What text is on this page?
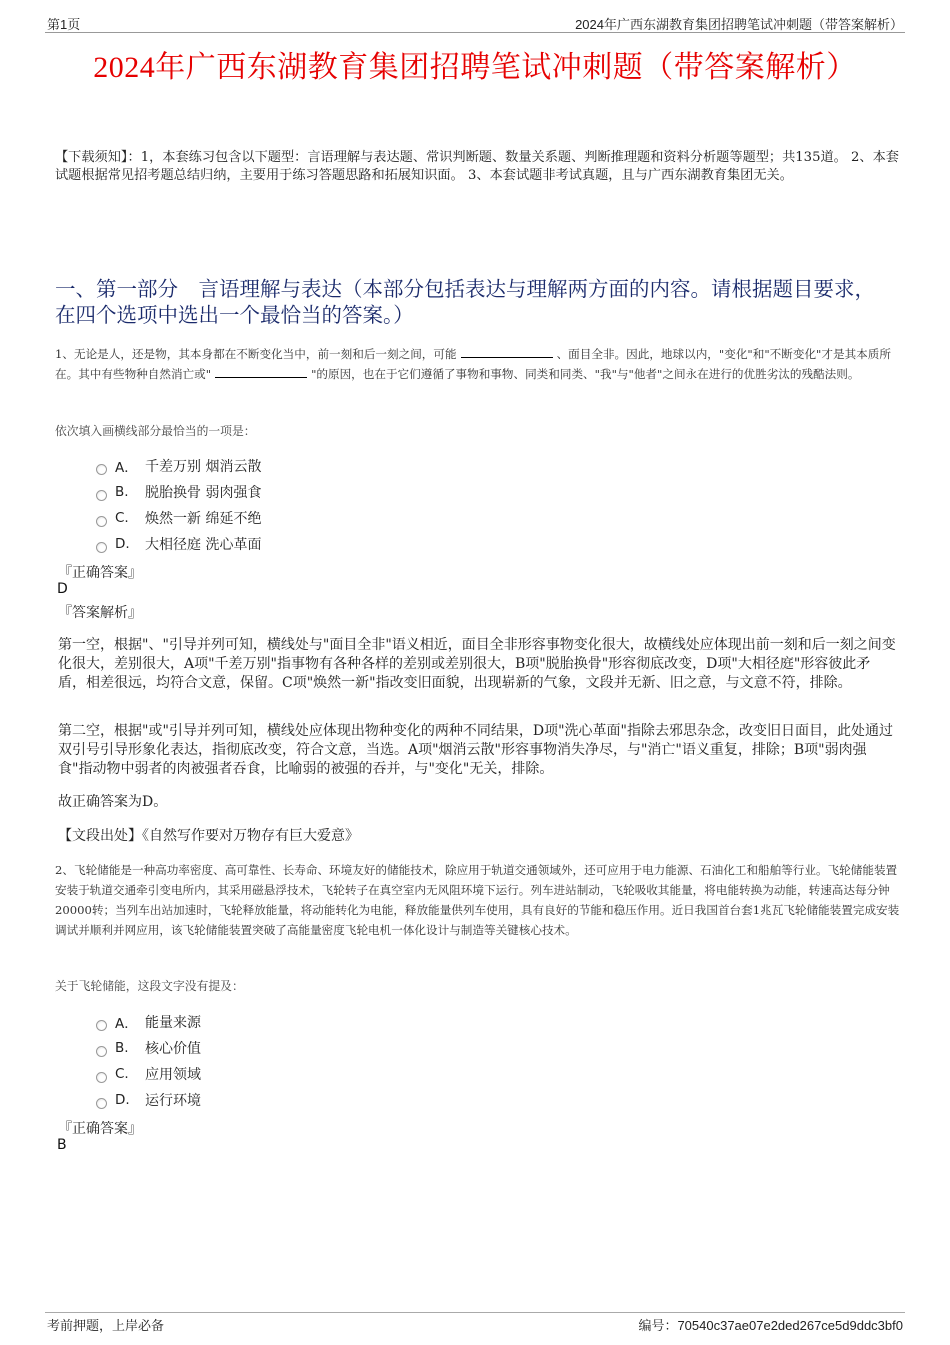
第1页	2024年广西东湖教育集团招聘笔试冲刺题（带答案解析）
2024年广西东湖教育集团招聘笔试冲刺题（带答案解析）
【下载须知】：1，本套练习包含以下题型：言语理解与表达题、常识判断题、数量关系题、判断推理题和资料分析题等题型；共135道。 2、本套试题根据常见招考题总结归纳，主要用于练习答题思路和拓展知识面。 3、本套试题非考试真题，且与广西东湖教育集团无关。
一、第一部分　言语理解与表达（本部分包括表达与理解两方面的内容。请根据题目要求，在四个选项中选出一个最恰当的答案。）
1、无论是人，还是物，其本身都在不断变化当中，前一刻和后一刻之间，可能	、面目全非。因此，地球以内，"变化"和"不断变化"才是其本质所在。其中有些物种自然消亡或"	"的原因，也在于它们遵循了事物和事物、同类和同类、"我"与"他者"之间永在进行的优胜劣汰的残酷法则。
依次填入画横线部分最恰当的一项是：
A． 千差万别 烟消云散
B.	脱胎换骨 弱肉强食
C.	焕然一新 绵延不绝
D.	大相径庭 洗心革面
『正确答案』
D
『答案解析』
第一空，根据"、"引导并列可知，横线处与"面目全非"语义相近，面目全非形容事物变化很大，故横线处应体现出前一刻和后一刻之间变化很大，差别很大，A项"千差万别"指事物有各种各样的差别或差别很大，B项"脱胎换骨"形容彻底改变，D项"大相径庭"形容彼此矛盾，相差很远，均符合文意，保留。C项"焕然一新"指改变旧面貌，出现崭新的气象，文段并无新、旧之意，与文意不符，排除。
第二空，根据"或"引导并列可知，横线处应体现出物种变化的两种不同结果，D项"洗心革面"指除去邪思杂念，改变旧日面目，此处通过双引号引导形象化表达，指彻底改变，符合文意，当选。A项"烟消云散"形容事物消失净尽，与"消亡"语义重复，排除；B项"弱肉强食"指动物中弱者的肉被强者吞食，比喻弱的被强的吞并，与"变化"无关，排除。
故正确答案为D。
【文段出处】《自然写作要对万物存有巨大爱意》
2、飞轮储能是一种高功率密度、高可靠性、长寿命、环境友好的储能技术，除应用于轨道交通领域外，还可应用于电力能源、石油化工和船舶等行业。飞轮储能装置安装于轨道交通牵引变电所内，其采用磁悬浮技术，飞轮转子在真空室内无风阻环境下运行。列车进站制动，飞轮吸收其能量，将电能转换为动能，转速高达每分钟20000转；当列车出站加速时，飞轮释放能量，将动能转化为电能，释放能量供列车使用，具有良好的节能和稳压作用。近日我国首台套1兆瓦飞轮储能装置完成安装调试并顺利并网应用，该飞轮储能装置突破了高能量密度飞轮电机一体化设计与制造等关键核心技术。
关于飞轮储能，这段文字没有提及：
A． 能量来源
B.	核心价值
C.	应用领域
D.	运行环境
『正确答案』
B
考前押题，上岸必备	编号：70540c37ae07e2ded267ce5d9ddc3bf0
